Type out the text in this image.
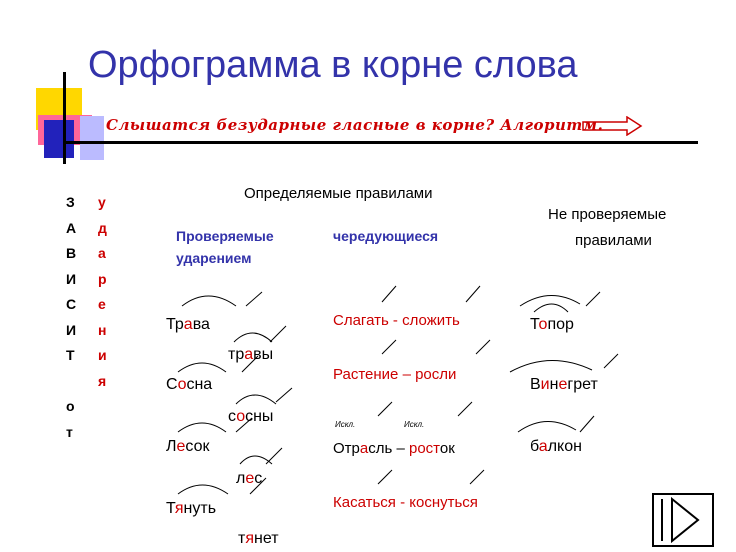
Орфограмма в корне слова
Слышатся безударные гласные в корне? Алгоритм.
З
А
В
И
С
И
Т
о
т
у
д
а
р
е
н
и
я
Определяемые правилами
Проверяемые
ударением
чередующиеся
Не проверяемые
правилами
Трава
травы
Сосна
сосны
Лесок
лес
Тянуть
тянет
Слагать - сложить
Растение – росли
Искл.	Искл.
Отрасль – росток
Касаться - коснуться
Топор
Винегрет
балкон
